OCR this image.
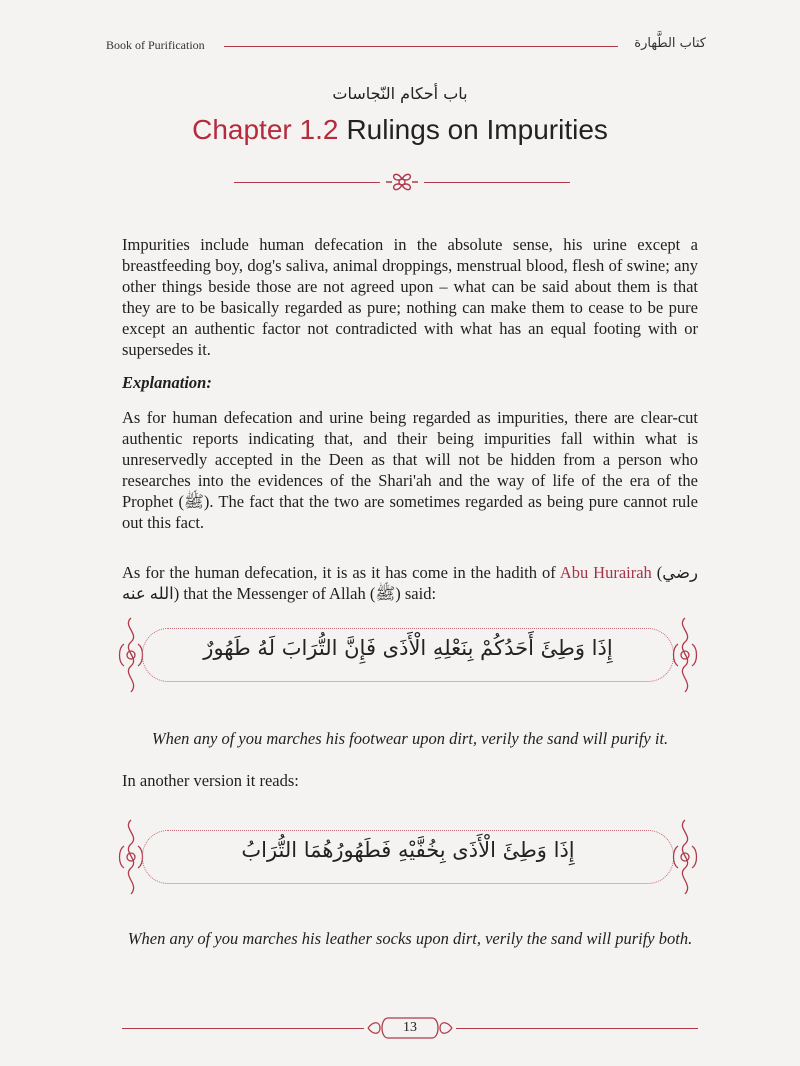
Book of Purification	كتاب الطَّهارة
باب أحكام النّجاسات
Chapter 1.2 Rulings on Impurities

Impurities include human defecation in the absolute sense, his urine except a breastfeeding boy, dog's saliva, animal droppings, menstrual blood, flesh of swine; any other things beside those are not agreed upon – what can be said about them is that they are to be basically regarded as pure; nothing can make them to cease to be pure except an authentic factor not contradicted with what has an equal footing with or supersedes it.

Explanation:

As for human defecation and urine being regarded as impurities, there are clear-cut authentic reports indicating that, and their being impurities fall within what is unreservedly accepted in the Deen as that will not be hidden from a person who researches into the evidences of the Shari'ah and the way of life of the era of the Prophet (ﷺ). The fact that the two are sometimes regarded as being pure cannot rule out this fact.

As for the human defecation, it is as it has come in the hadith of Abu Hurairah (رضي الله عنه) that the Messenger of Allah (ﷺ) said:

إِذَا وَطِئَ أَحَدُكُمْ بِنَعْلِهِ الْأَذَى فَإِنَّ التُّرَابَ لَهُ طَهُورٌ

When any of you marches his footwear upon dirt, verily the sand will purify it.

In another version it reads:

إِذَا وَطِئَ الْأَذَى بِخُفَّيْهِ فَطَهُورُهُمَا التُّرَابُ

When any of you marches his leather socks upon dirt, verily the sand will purify both.

13
